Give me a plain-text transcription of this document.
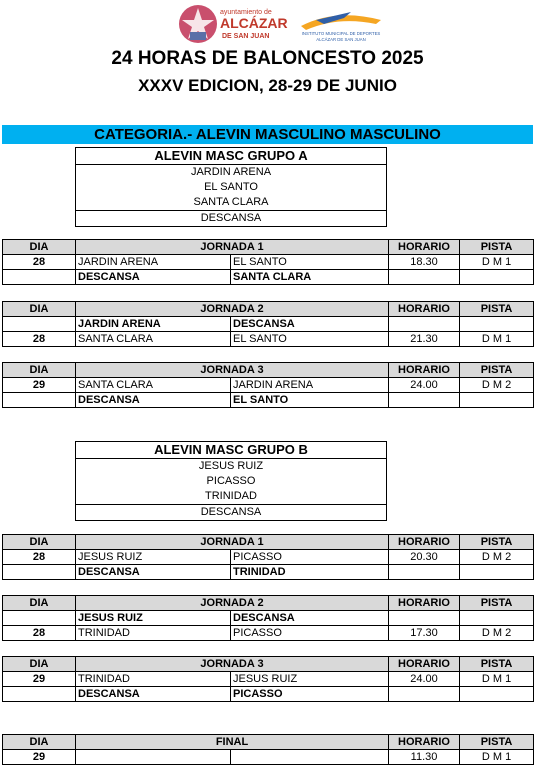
ayuntamiento de
ALCÁZAR
DE SAN JUAN	INSTITUTO MUNICIPAL DE DEPORTES
ALCÁZAR DE SAN JUAN
24 HORAS DE BALONCESTO 2025
XXXV EDICION, 28-29 DE JUNIO
CATEGORIA.- ALEVIN MASCULINO MASCULINO
ALEVIN MASC GRUPO A
JARDIN ARENA
EL SANTO
SANTA CLARA
DESCANSA
DIA	JORNADA 1		HORARIO	PISTA
28	JARDIN ARENA	EL SANTO	18.30	D M 1
	DESCANSA	SANTA CLARA		
DIA	JORNADA 2		HORARIO	PISTA
	JARDIN ARENA	DESCANSA		
28	SANTA CLARA	EL SANTO	21.30	D M 1
DIA	JORNADA 3		HORARIO	PISTA
29	SANTA CLARA	JARDIN ARENA	24.00	D M 2
	DESCANSA	EL SANTO		
ALEVIN MASC GRUPO B
JESUS RUIZ
PICASSO
TRINIDAD
DESCANSA
DIA	JORNADA 1		HORARIO	PISTA
28	JESUS RUIZ	PICASSO	20.30	D M 2
	DESCANSA	TRINIDAD		
DIA	JORNADA 2		HORARIO	PISTA
	JESUS RUIZ	DESCANSA		
28	TRINIDAD	PICASSO	17.30	D M 2
DIA	JORNADA 3		HORARIO	PISTA
29	TRINIDAD	JESUS RUIZ	24.00	D M 1
	DESCANSA	PICASSO		
DIA	FINAL		HORARIO	PISTA
29			11.30	D M 1
